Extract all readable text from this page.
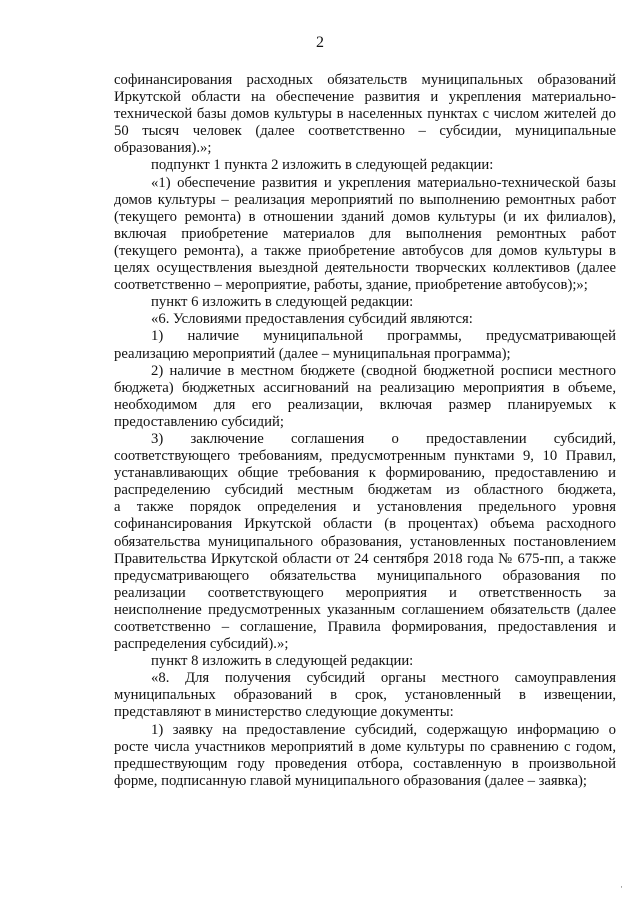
2
софинансирования расходных обязательств муниципальных образований
Иркутской области на обеспечение развития и укрепления материально-
технической базы домов культуры в населенных пунктах с числом жителей до
50 тысяч человек (далее соответственно – субсидии, муниципальные
образования).»;
подпункт 1 пункта 2 изложить в следующей редакции:
«1) обеспечение развития и укрепления материально-технической базы
домов культуры – реализация мероприятий по выполнению ремонтных работ
(текущего ремонта) в отношении зданий домов культуры (и их филиалов),
включая приобретение материалов для выполнения ремонтных работ
(текущего ремонта), а также приобретение автобусов для домов культуры в
целях осуществления выездной деятельности творческих коллективов (далее
соответственно – мероприятие, работы, здание, приобретение автобусов);»;
пункт 6 изложить в следующей редакции:
«6. Условиями предоставления субсидий являются:
1) наличие муниципальной программы, предусматривающей
реализацию мероприятий (далее – муниципальная программа);
2) наличие в местном бюджете (сводной бюджетной росписи местного
бюджета) бюджетных ассигнований на реализацию мероприятия в объеме,
необходимом для его реализации, включая размер планируемых к
предоставлению субсидий;
3) заключение соглашения о предоставлении субсидий,
соответствующего требованиям, предусмотренным пунктами 9, 10 Правил,
устанавливающих общие требования к формированию, предоставлению и
распределению субсидий местным бюджетам из областного бюджета,
а также порядок определения и установления предельного уровня
софинансирования Иркутской области (в процентах) объема расходного
обязательства муниципального образования, установленных постановлением
Правительства Иркутской области от 24 сентября 2018 года № 675-пп, а также
предусматривающего обязательства муниципального образования по
реализации соответствующего мероприятия и ответственность за
неисполнение предусмотренных указанным соглашением обязательств (далее
соответственно – соглашение, Правила формирования, предоставления и
распределения субсидий).»;
пункт 8 изложить в следующей редакции:
«8. Для получения субсидий органы местного самоуправления
муниципальных образований в срок, установленный в извещении,
представляют в министерство следующие документы:
1) заявку на предоставление субсидий, содержащую информацию о
росте числа участников мероприятий в доме культуры по сравнению с годом,
предшествующим году проведения отбора, составленную в произвольной
форме, подписанную главой муниципального образования (далее – заявка);
·
